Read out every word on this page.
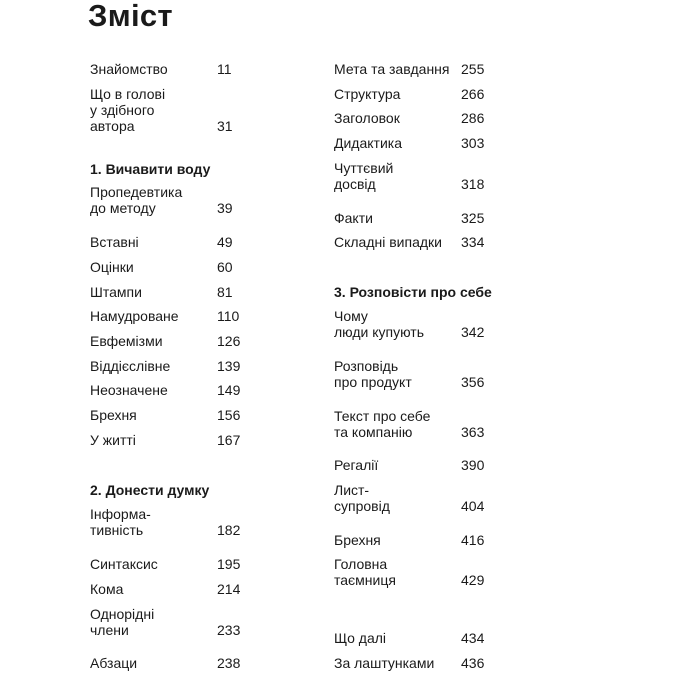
Зміст
Знайомство	11
Що в голові
у здібного
автора	31
1. Вичавити воду
Пропедевтика
до методу	39
Вставні	49
Оцінки	60
Штампи	81
Намудроване	110
Евфемізми	126
Віддієслівне	139
Неозначене	149
Брехня	156
У житті	167
2. Донести думку
Інформа-
тивність	182
Синтаксис	195
Кома	214
Однорідні
члени	233
Абзаци	238
Мета та завдання 255
Структура	266
Заголовок	286
Дидактика	303
Чуттєвий
досвід	318
Факти	325
Складні випадки 334
3. Розповісти про себе
Чому
люди купують	342
Розповідь
про продукт	356
Текст про себе
та компанію	363
Регалії	390
Лист-
супровід	404
Брехня	416
Головна
таємниця	429
Що далі	434
За лаштунками 436
